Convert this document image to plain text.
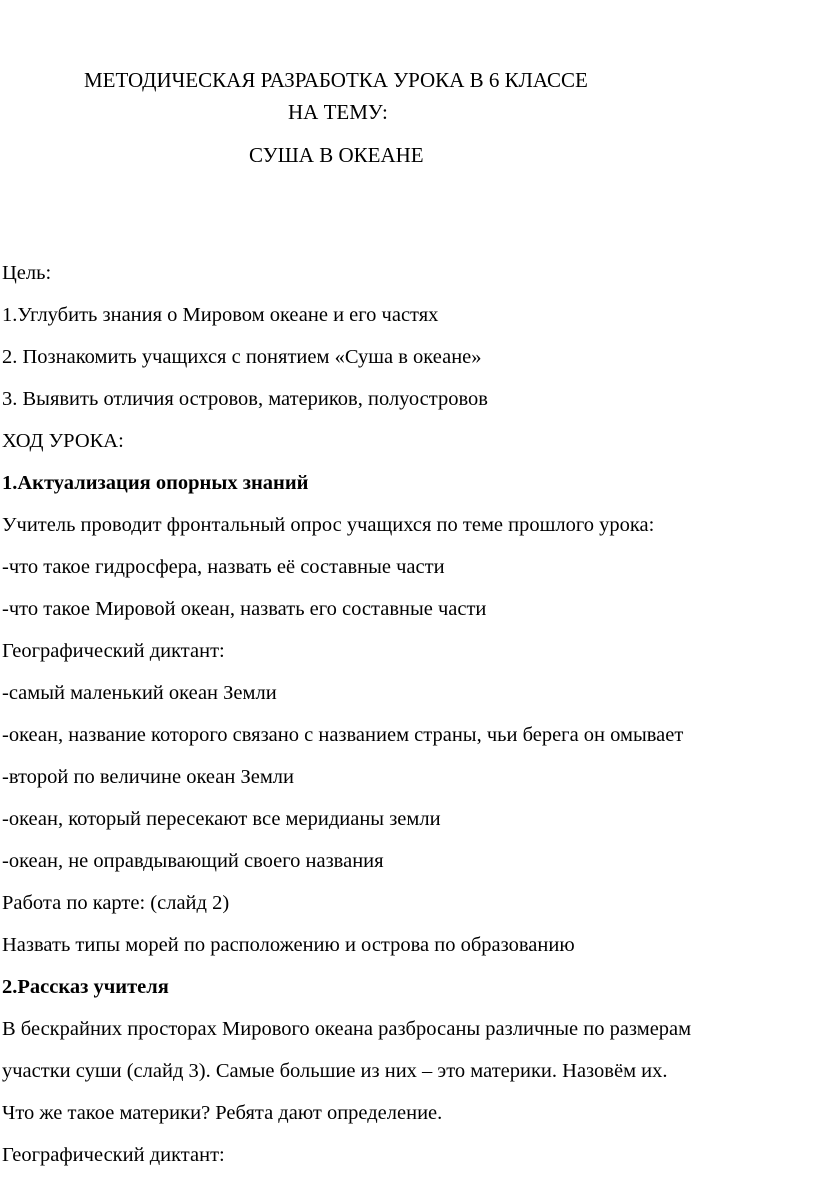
МЕТОДИЧЕСКАЯ РАЗРАБОТКА УРОКА В 6 КЛАССЕ
НА ТЕМУ:
СУША В ОКЕАНЕ
Цель:
1.Углубить знания о Мировом океане и его частях
2. Познакомить учащихся с понятием «Суша в океане»
3. Выявить отличия островов, материков, полуостровов
ХОД УРОКА:
1.Актуализация опорных знаний
Учитель проводит фронтальный опрос учащихся по теме прошлого урока:
-что такое гидросфера, назвать её составные части
-что такое Мировой океан, назвать его составные части
Географический диктант:
-самый маленький океан Земли
-океан, название которого связано с названием страны, чьи берега он омывает
-второй по величине океан Земли
-океан, который пересекают все меридианы земли
-океан, не оправдывающий своего названия
Работа по карте: (слайд 2)
Назвать типы морей по расположению и острова по образованию
2.Рассказ учителя
В бескрайних просторах Мирового океана разбросаны различные по размерам
участки суши (слайд 3). Самые большие из них – это материки. Назовём их.
Что же такое материки? Ребята дают определение.
Географический диктант:
